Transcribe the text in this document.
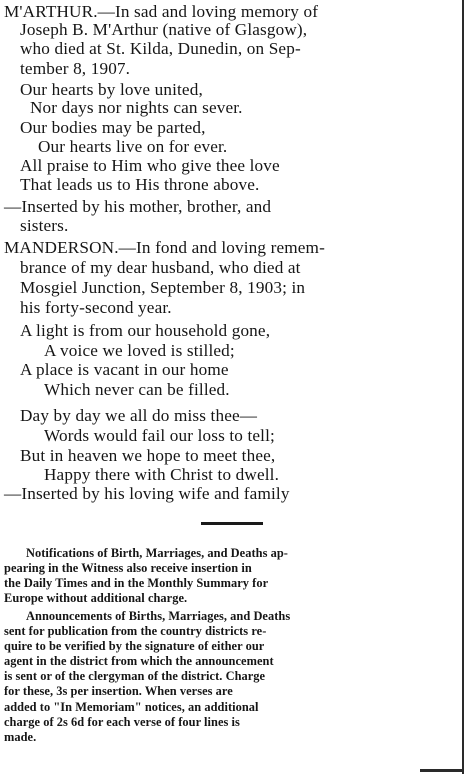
M'ARTHUR.—In sad and loving memory of
Joseph B. M'Arthur (native of Glasgow),
who died at St. Kilda, Dunedin, on Sep-
tember 8, 1907.
Our hearts by love united,
Nor days nor nights can sever.
Our bodies may be parted,
Our hearts live on for ever.
All praise to Him who give thee love
That leads us to His throne above.
—Inserted by his mother, brother, and
sisters.
MANDERSON.—In fond and loving remem-
brance of my dear husband, who died at
Mosgiel Junction, September 8, 1903; in
his forty-second year.
A light is from our household gone,
A voice we loved is stilled;
A place is vacant in our home
Which never can be filled.
Day by day we all do miss thee—
Words would fail our loss to tell;
But in heaven we hope to meet thee,
Happy there with Christ to dwell.
—Inserted by his loving wife and family
Notifications of Birth, Marriages, and Deaths ap-
pearing in the Witness also receive insertion in
the Daily Times and in the Monthly Summary for
Europe without additional charge.
Announcements of Births, Marriages, and Deaths
sent for publication from the country districts re-
quire to be verified by the signature of either our
agent in the district from which the announcement
is sent or of the clergyman of the district. Charge
for these, 3s per insertion. When verses are
added to "In Memoriam" notices, an additional
charge of 2s 6d for each verse of four lines is
made.
